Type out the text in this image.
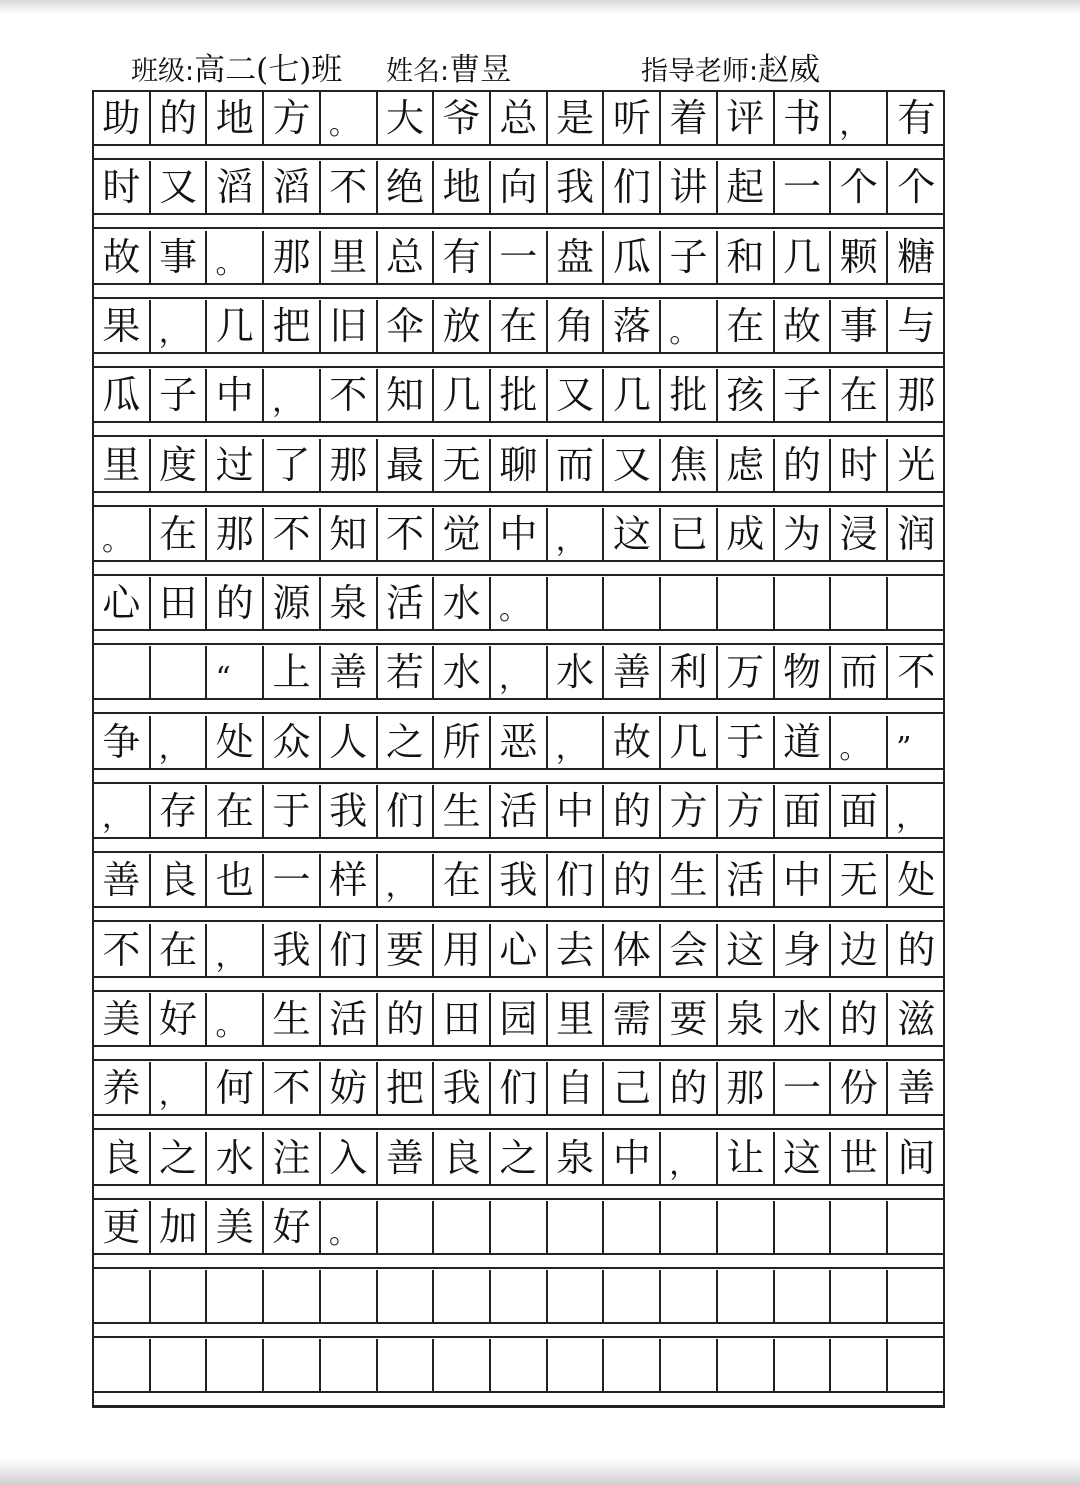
班级:高二(七)班 姓名:曹昱	指导老师:赵威
助 的 地 方 。 大 爷 总 是 听 着 评 书 ， 有
时 又 滔 滔 不 绝 地 向 我 们 讲 起 一 个 个
故 事 。 那 里 总 有 一 盘 瓜 子 和 几 颗 糖
果 ， 几 把 旧 伞 放 在 角 落 。 在 故 事 与
瓜 子 中 ， 不 知 几 批 又 几 批 孩 子 在 那
里 度 过 了 那 最 无 聊 而 又 焦 虑 的 时 光
。 在 那 不 知 不 觉 中 ， 这 已 成 为 浸 润
心 田 的 源 泉 活 水 。
“	上 善 若 水 ， 水 善 利 万 物 而 不
争 ， 处 众 人 之 所 恶 ， 故 几 于 道 。 ”
， 存 在 于 我 们 生 活 中 的 方 方 面 面 ，
善 良 也 一 样 ， 在 我 们 的 生 活 中 无 处
不 在 ， 我 们 要 用 心 去 体 会 这 身 边 的
美 好 。 生 活 的 田 园 里 需 要 泉 水 的 滋
养 ， 何 不 妨 把 我 们 自 己 的 那 一 份 善
良 之 水 注 入 善 良 之 泉 中 ， 让 这 世 间
更 加 美 好 。
